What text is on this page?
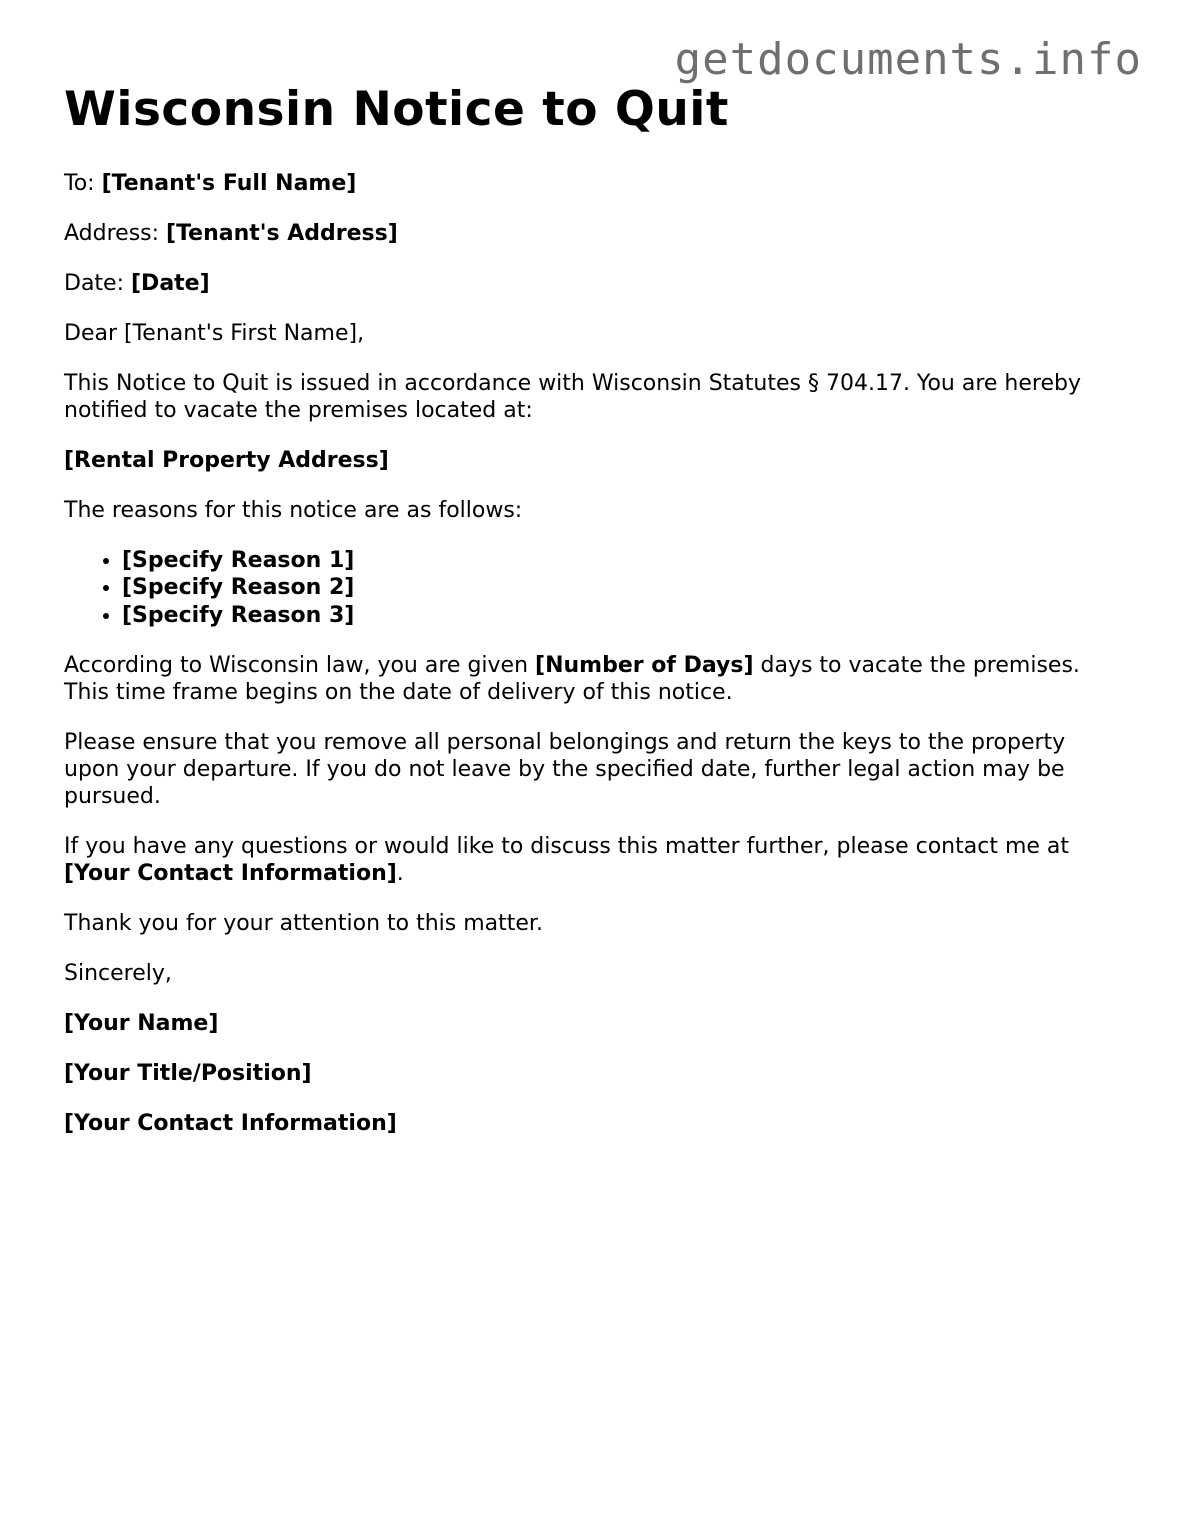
getdocuments.info
Wisconsin Notice to Quit

To: [Tenant's Full Name]

Address: [Tenant's Address]

Date: [Date]

Dear [Tenant's First Name],

This Notice to Quit is issued in accordance with Wisconsin Statutes § 704.17. You are hereby notified to vacate the premises located at:

[Rental Property Address]

The reasons for this notice are as follows:

• [Specify Reason 1]
• [Specify Reason 2]
• [Specify Reason 3]

According to Wisconsin law, you are given [Number of Days] days to vacate the premises. This time frame begins on the date of delivery of this notice.

Please ensure that you remove all personal belongings and return the keys to the property upon your departure. If you do not leave by the specified date, further legal action may be pursued.

If you have any questions or would like to discuss this matter further, please contact me at [Your Contact Information].

Thank you for your attention to this matter.

Sincerely,

[Your Name]

[Your Title/Position]

[Your Contact Information]
